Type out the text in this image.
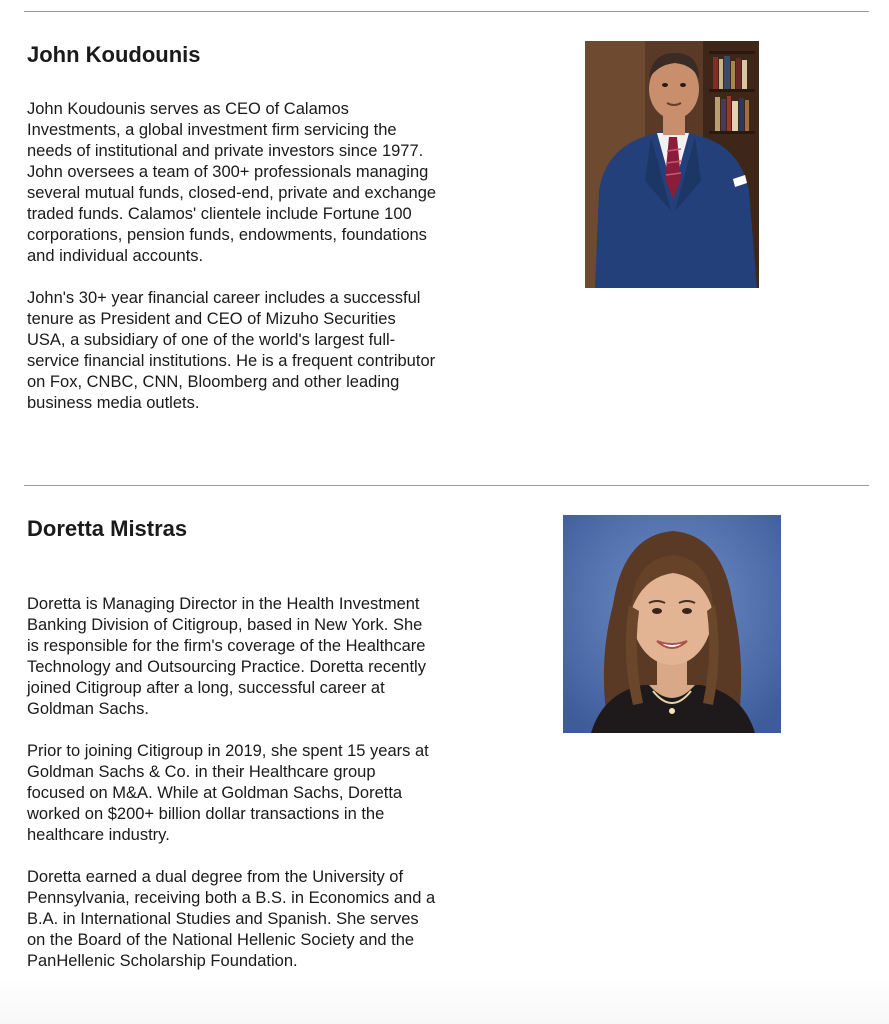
John Koudounis

John Koudounis serves as CEO of Calamos Investments, a global investment firm servicing the needs of institutional and private investors since 1977. John oversees a team of 300+ professionals managing several mutual funds, closed-end, private and exchange traded funds. Calamos' clientele include Fortune 100 corporations, pension funds, endowments, foundations and individual accounts.

John's 30+ year financial career includes a successful tenure as President and CEO of Mizuho Securities USA, a subsidiary of one of the world's largest full-service financial institutions. He is a frequent contributor on Fox, CNBC, CNN, Bloomberg and other leading business media outlets.

Doretta Mistras

Doretta is Managing Director in the Health Investment Banking Division of Citigroup, based in New York. She is responsible for the firm's coverage of the Healthcare Technology and Outsourcing Practice. Doretta recently joined Citigroup after a long, successful career at Goldman Sachs.

Prior to joining Citigroup in 2019, she spent 15 years at Goldman Sachs & Co. in their Healthcare group focused on M&A. While at Goldman Sachs, Doretta worked on $200+ billion dollar transactions in the healthcare industry.

Doretta earned a dual degree from the University of Pennsylvania, receiving both a B.S. in Economics and a B.A. in International Studies and Spanish. She serves on the Board of the National Hellenic Society and the PanHellenic Scholarship Foundation.
